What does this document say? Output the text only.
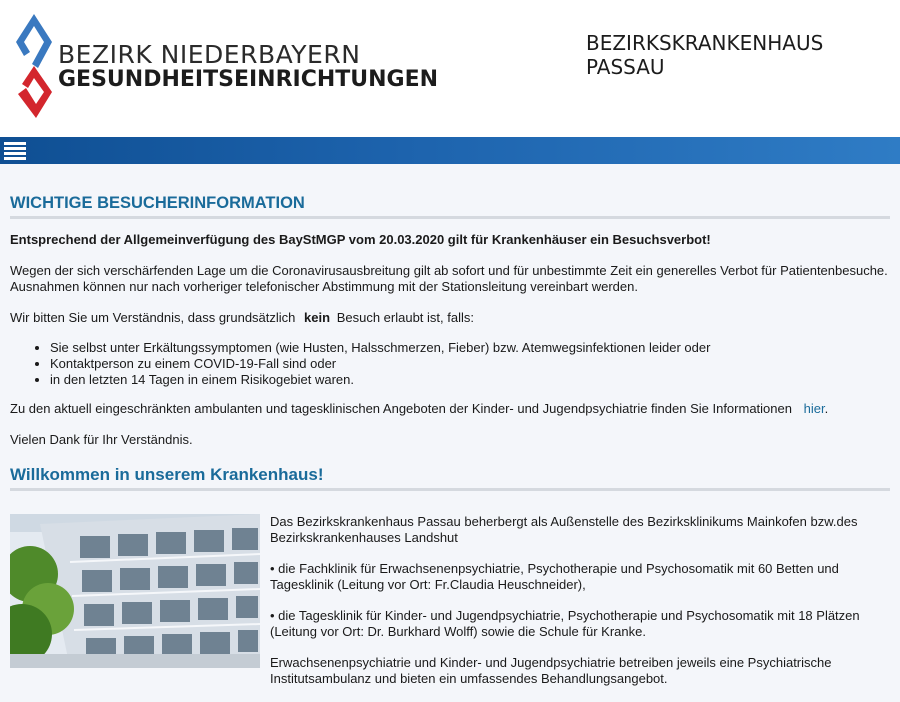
BEZIRK NIEDERBAYERN
GESUNDHEITSEINRICHTUNGEN
BEZIRKSKRANKENHAUS
PASSAU
WICHTIGE BESUCHERINFORMATION

Entsprechend der Allgemeinverfügung des BayStMGP vom 20.03.2020 gilt für Krankenhäuser ein Besuchsverbot!

Wegen der sich verschärfenden Lage um die Coronavirusausbreitung gilt ab sofort und für unbestimmte Zeit ein generelles Verbot für Patientenbesuche. Ausnahmen können nur nach vorheriger telefonischer Abstimmung mit der Stationsleitung vereinbart werden.

Wir bitten Sie um Verständnis, dass grundsätzlich kein Besuch erlaubt ist, falls:

• Sie selbst unter Erkältungssymptomen (wie Husten, Halsschmerzen, Fieber) bzw. Atemwegsinfektionen leider oder
• Kontaktperson zu einem COVID-19-Fall sind oder
• in den letzten 14 Tagen in einem Risikogebiet waren.

Zu den aktuell eingeschränkten ambulanten und tagesklinischen Angeboten der Kinder- und Jugendpsychiatrie finden Sie Informationen hier.

Vielen Dank für Ihr Verständnis.

Willkommen in unserem Krankenhaus!

Das Bezirkskrankenhaus Passau beherbergt als Außenstelle des Bezirksklinikums Mainkofen bzw.des Bezirkskrankenhauses Landshut

• die Fachklinik für Erwachsenenpsychiatrie, Psychotherapie und Psychosomatik mit 60 Betten und Tagesklinik (Leitung vor Ort: Fr.Claudia Heuschneider),

• die Tagesklinik für Kinder- und Jugendpsychiatrie, Psychotherapie und Psychosomatik mit 18 Plätzen (Leitung vor Ort: Dr. Burkhard Wolff) sowie die Schule für Kranke.

Erwachsenenpsychiatrie und Kinder- und Jugendpsychiatrie betreiben jeweils eine Psychiatrische Institutsambulanz und bieten ein umfassendes Behandlungsangebot.
